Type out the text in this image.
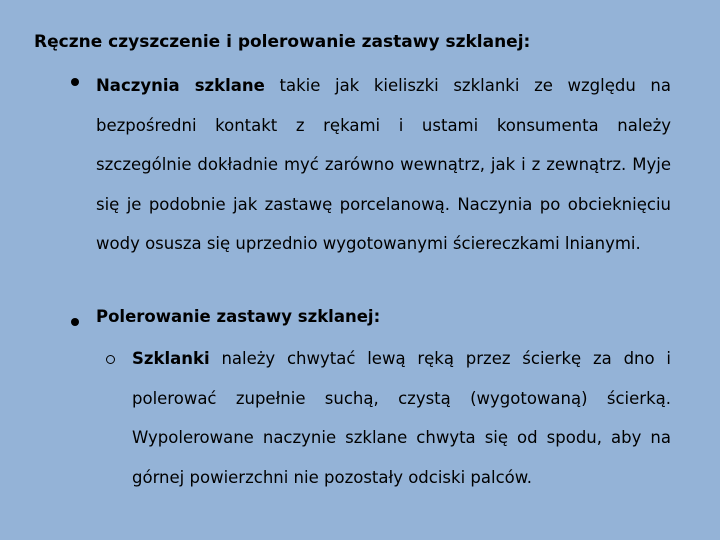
Ręczne czyszczenie i polerowanie zastawy szklanej:
Naczynia szklane takie jak kieliszki szklanki ze względu na bezpośredni kontakt z rękami i ustami konsumenta należy szczególnie dokładnie myć zarówno wewnątrz, jak i z zewnątrz. Myje się je podobnie jak zastawę porcelanową. Naczynia po obcieknięciu wody osusza się uprzednio wygotowanymi ściereczkami lnianymi.
Polerowanie zastawy szklanej:
Szklanki należy chwytać lewą ręką przez ścierkę za dno i polerować zupełnie suchą, czystą (wygotowaną) ścierką. Wypolerowane naczynie szklane chwyta się od spodu, aby na górnej powierzchni nie pozostały odciski palców.
